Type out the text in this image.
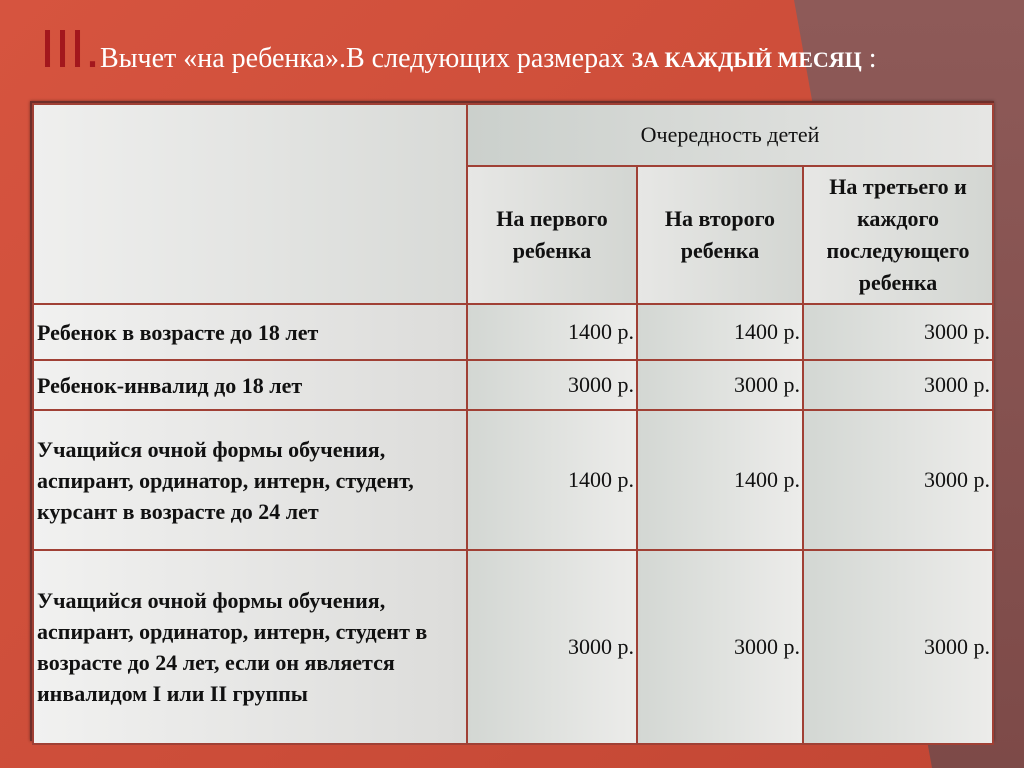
III.Вычет «на ребенка».В следующих размерах ЗА КАЖДЫЙ МЕСЯЦ :
	Очередность детей		
	На первого ребенка	На второго ребенка	На третьего и каждого последующего ребенка
Ребенок в возрасте до 18 лет	1400 р.	1400 р.	3000 р.
Ребенок-инвалид до 18 лет	3000 р.	3000 р.	3000 р.
Учащийся очной формы обучения, аспирант, ординатор, интерн, студент, курсант в возрасте до 24 лет	1400 р.	1400 р.	3000 р.
Учащийся очной формы обучения, аспирант, ординатор, интерн, студент в возрасте до 24 лет, если он является инвалидом I или II группы	3000 р.	3000 р.	3000 р.
